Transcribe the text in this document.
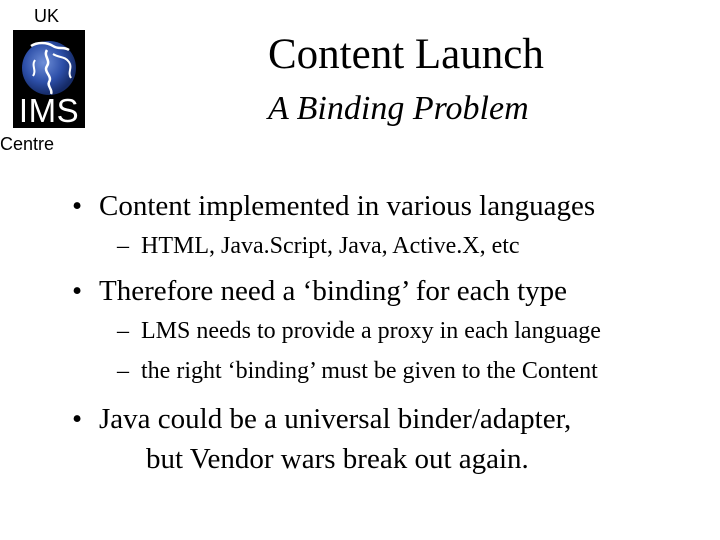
UK
IMS
Centre
Content Launch
A Binding Problem
• Content implemented in various languages
– HTML, Java.Script, Java, Active.X, etc
• Therefore need a ‘binding’ for each type
– LMS needs to provide a proxy in each language
– the right ‘binding’ must be given to the Content
• Java could be a universal binder/adapter,
but Vendor wars break out again.
